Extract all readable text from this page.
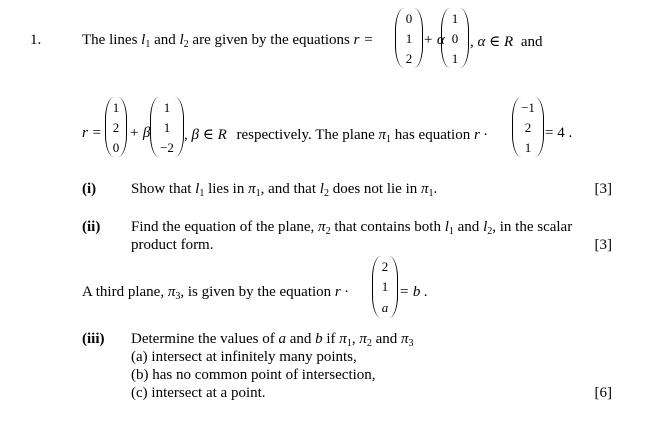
1.	The lines $l_1$ and $l_2$ are given by the equations r =
0
1
2
+ α
1
0
1
, α ∈ R and
r =
1
2
0
+ β
1
1
−2
, β ∈ R respectively. The plane $\pi_1$ has equation r ·
−1
2
1
= 4 .
(i) Show that $l_1$ lies in $\pi_1$, and that $l_2$ does not lie in $\pi_1$.	[3]
(ii) Find the equation of the plane, $\pi_2$ that contains both $l_1$ and $l_2$, in the scalar
product form.	[3]
A third plane, $\pi_3$, is given by the equation r ·
2
1
a
= b .
(iii) Determine the values of a and b if $\pi_1$, $\pi_2$ and $\pi_3$
(a) intersect at infinitely many points,
(b) has no common point of intersection,
(c) intersect at a point.	[6]
